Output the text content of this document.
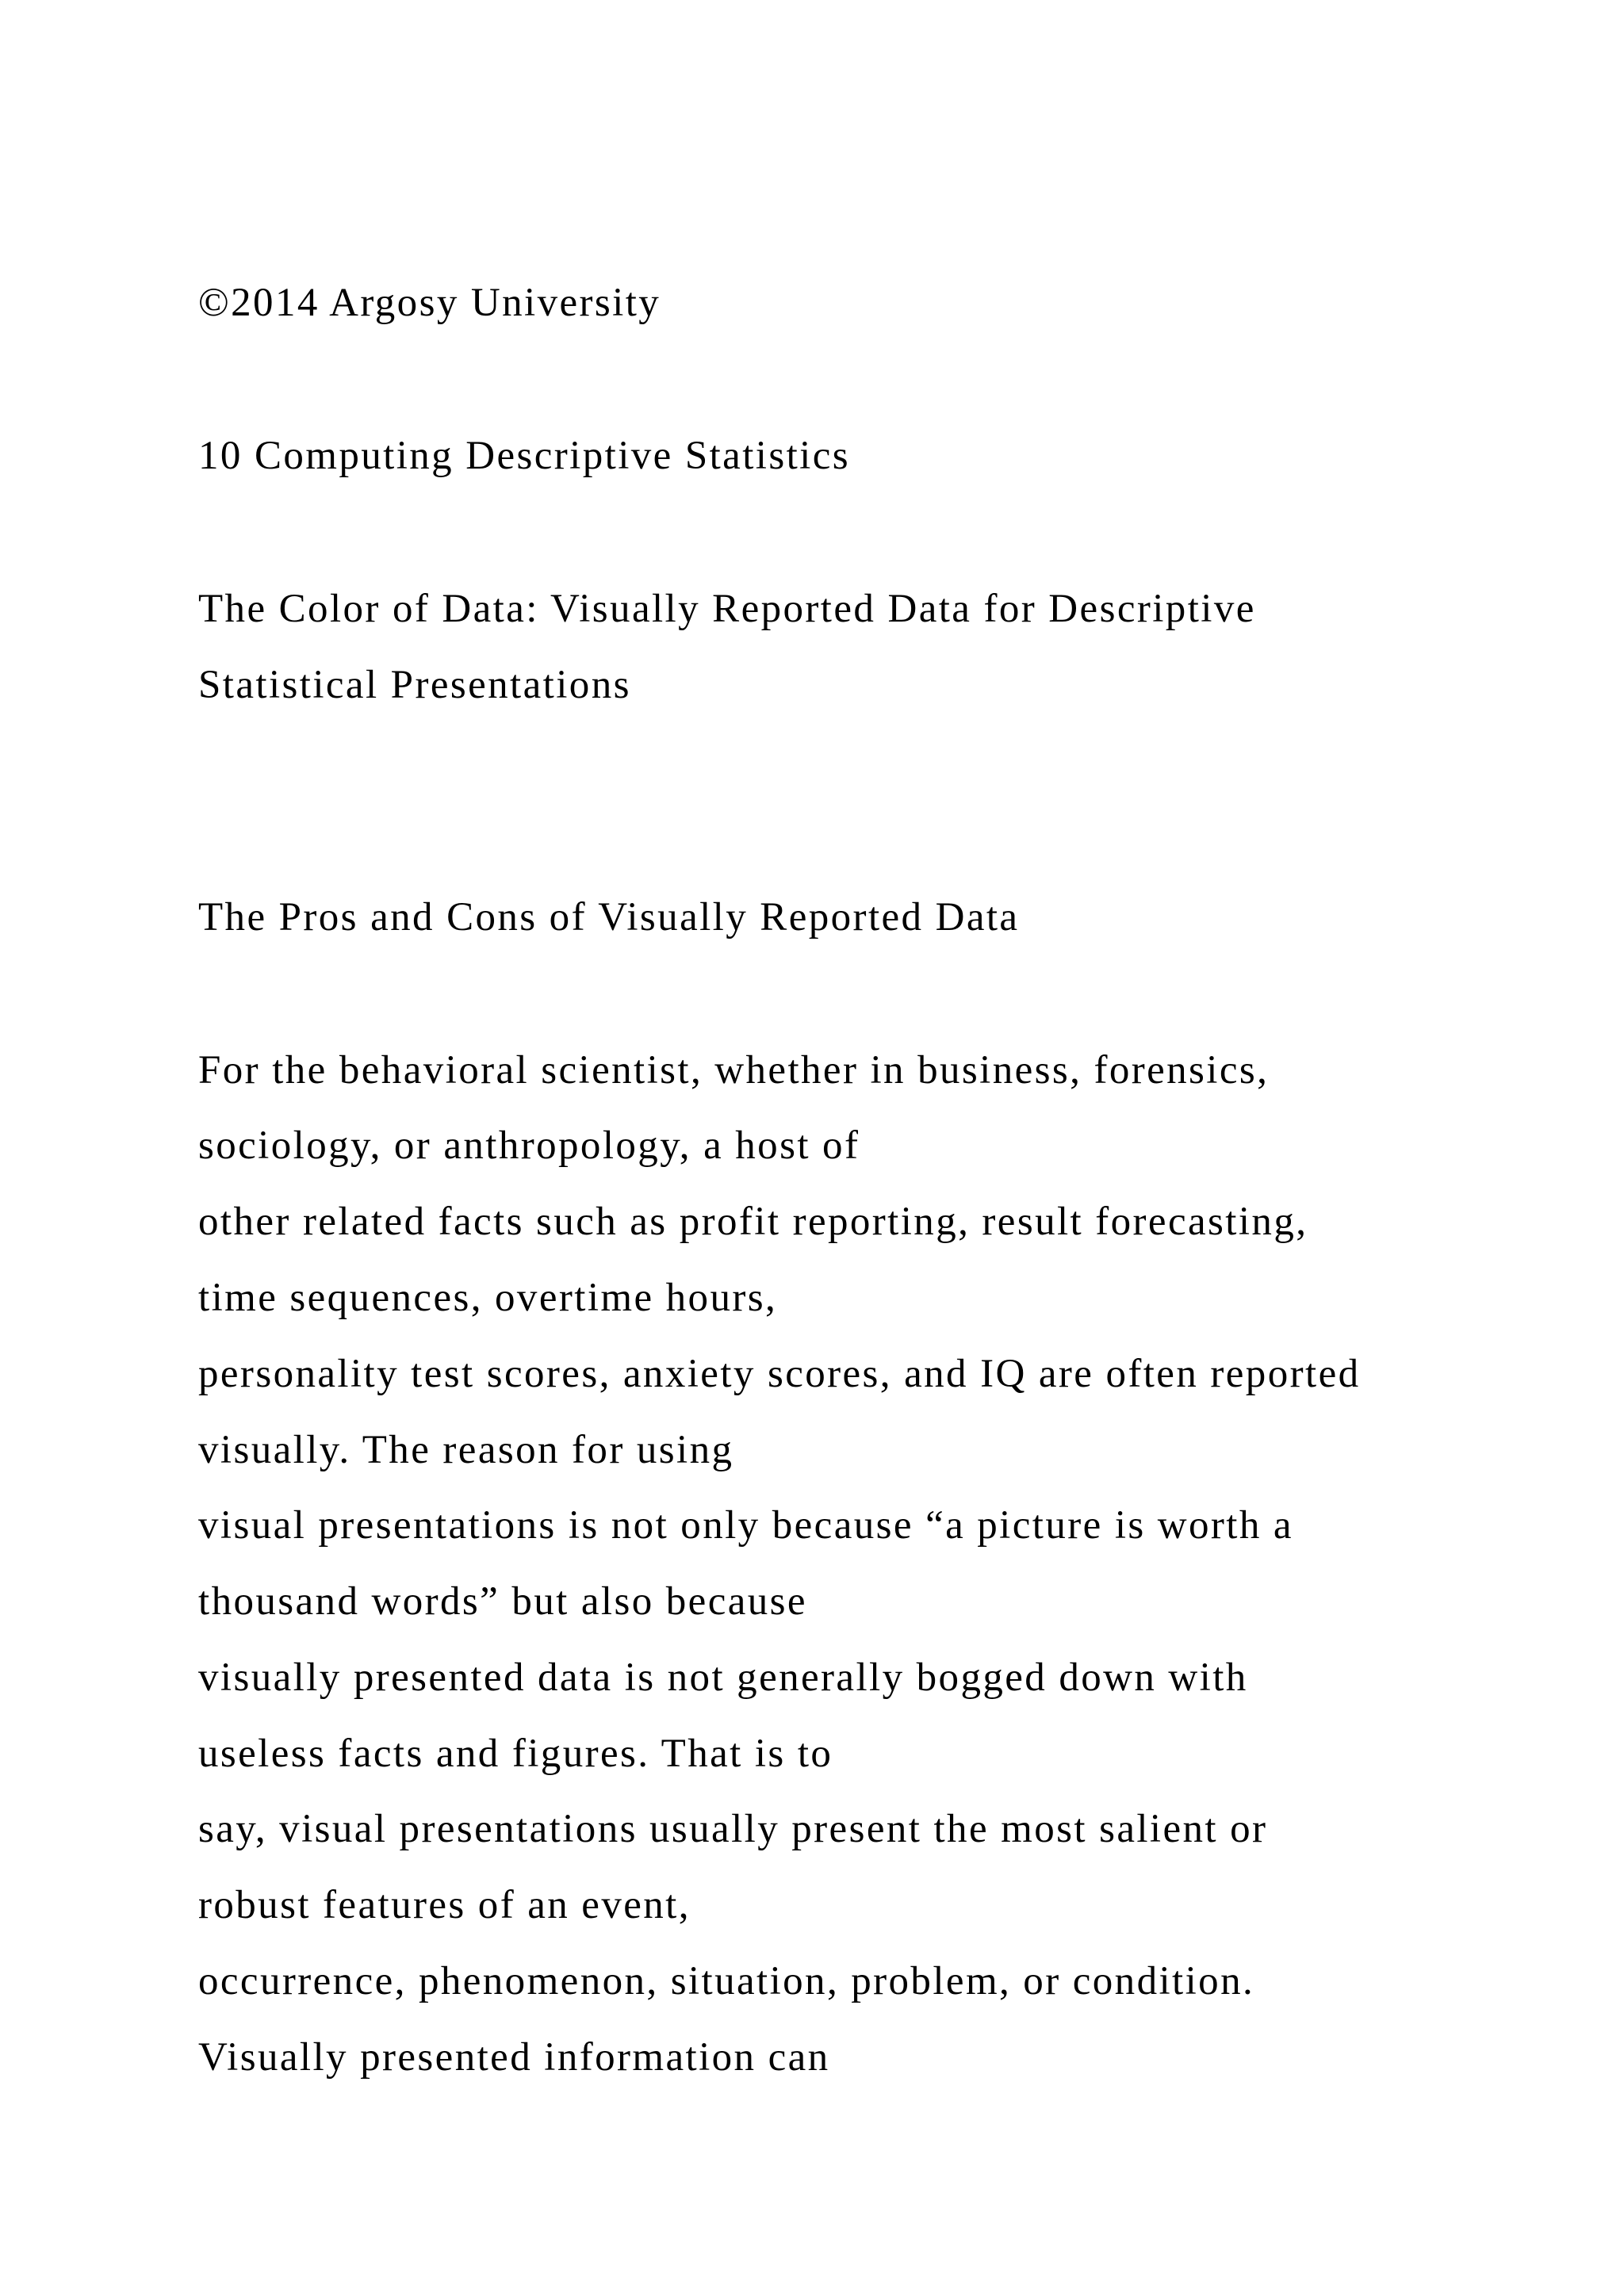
©2014 Argosy University

10 Computing Descriptive Statistics

The Color of Data: Visually Reported Data for Descriptive

Statistical Presentations

The Pros and Cons of Visually Reported Data

For the behavioral scientist, whether in business, forensics,

sociology, or anthropology, a host of

other related facts such as profit reporting, result forecasting,

time sequences, overtime hours,

personality test scores, anxiety scores, and IQ are often reported

visually. The reason for using

visual presentations is not only because “a picture is worth a

thousand words” but also because

visually presented data is not generally bogged down with

useless facts and figures. That is to

say, visual presentations usually present the most salient or

robust features of an event,

occurrence, phenomenon, situation, problem, or condition.

Visually presented information can
